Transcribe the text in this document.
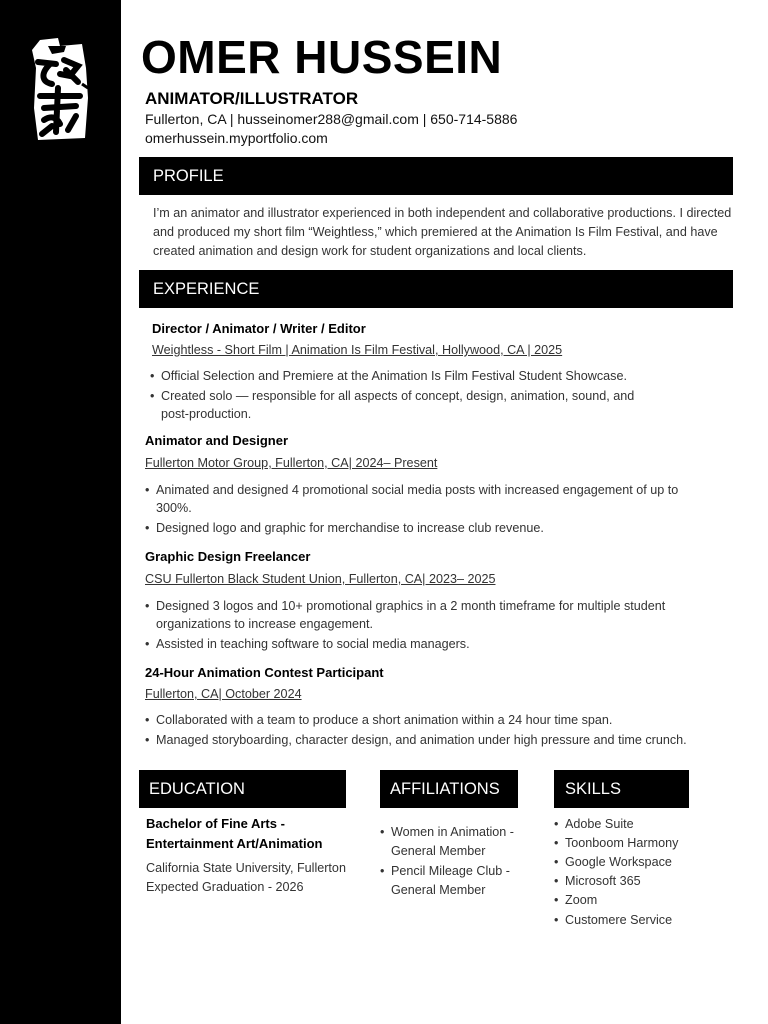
OMER HUSSEIN
ANIMATOR/ILLUSTRATOR
Fullerton, CA | husseinomer288@gmail.com | 650-714-5886
omerhussein.myportfolio.com
PROFILE
I’m an animator and illustrator experienced in both independent and collaborative productions. I directed and produced my short film “Weightless,” which premiered at the Animation Is Film Festival, and have created animation and design work for student organizations and local clients.
EXPERIENCE
Director / Animator / Writer / Editor
Weightless - Short Film | Animation Is Film Festival, Hollywood, CA | 2025
• Official Selection and Premiere at the Animation Is Film Festival Student Showcase.
• Created solo — responsible for all aspects of concept, design, animation, sound, and post-production.
Animator and Designer
Fullerton Motor Group, Fullerton, CA| 2024– Present
• Animated and designed 4 promotional social media posts with increased engagement of up to 300%.
• Designed logo and graphic for merchandise to increase club revenue.
Graphic Design Freelancer
CSU Fullerton Black Student Union, Fullerton, CA| 2023– 2025
• Designed 3 logos and 10+ promotional graphics in a 2 month timeframe for multiple student organizations to increase engagement.
• Assisted in teaching software to social media managers.
24-Hour Animation Contest Participant
Fullerton, CA| October 2024
• Collaborated with a team to produce a short animation within a 24 hour time span.
• Managed storyboarding, character design, and animation under high pressure and time crunch.
EDUCATION
Bachelor of Fine Arts - Entertainment Art/Animation
California State University, Fullerton
Expected Graduation - 2026
AFFILIATIONS
• Women in Animation - General Member
• Pencil Mileage Club - General Member
SKILLS
• Adobe Suite
• Toonboom Harmony
• Google Workspace
• Microsoft 365
• Zoom
• Customere Service
